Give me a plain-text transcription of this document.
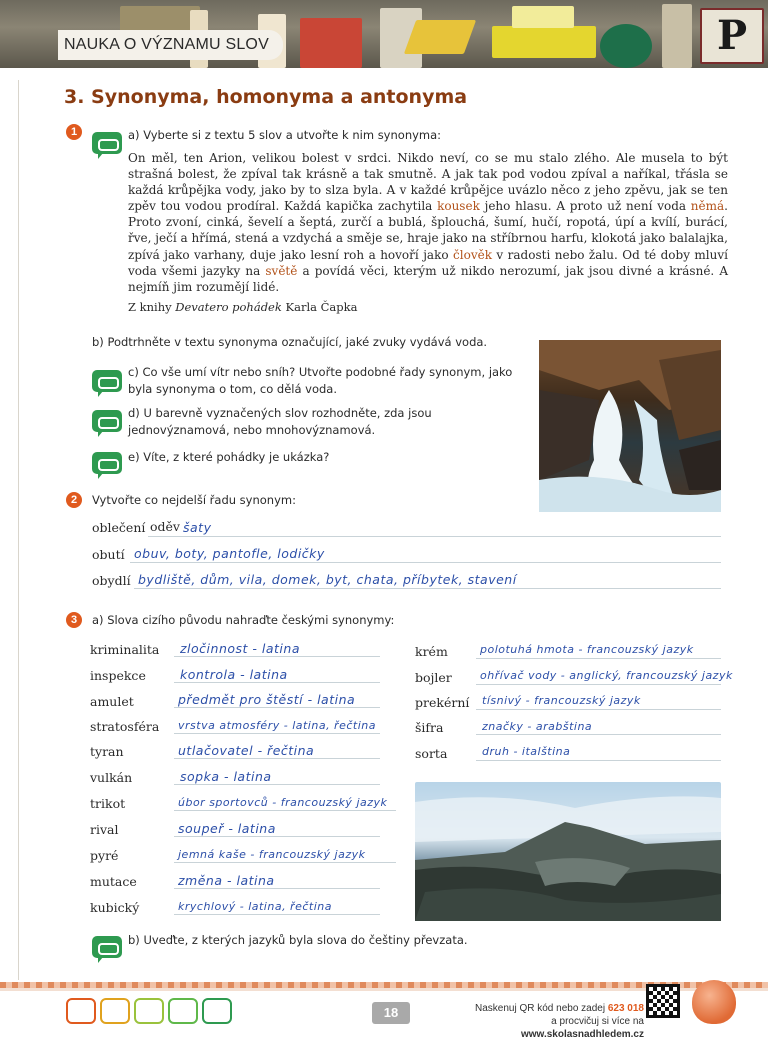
P
NAUKA O VÝZNAMU SLOV
3. Synonyma, homonyma a antonyma
1	a) Vyberte si z textu 5 slov a utvořte k nim synonyma:
On měl, ten Arion, velikou bolest v srdci. Nikdo neví, co se mu stalo zlého. Ale musela to být strašná bolest, že zpíval tak krásně a tak smutně. A jak tak pod vodou zpíval a naříkal, třásla se každá krůpějka vody, jako by to slza byla. A v každé krůpějce uvázlo něco z jeho zpěvu, jak se ten zpěv tou vodou prodíral. Každá kapička zachytila kousek jeho hlasu. A proto už není voda němá. Proto zvoní, cinká, ševelí a šeptá, zurčí a bublá, šplouchá, šumí, hučí, ropotá, úpí a kvílí, burácí, řve, ječí a hřímá, stená a vzdychá a směje se, hraje jako na stříbrnou harfu, klokotá jako balalajka, zpívá jako varhany, duje jako lesní roh a hovoří jako člověk v radosti nebo žalu. Od té doby mluví voda všemi jazyky na světě a povídá věci, kterým už nikdo nerozumí, jak jsou divné a krásné. A nejmíň jim rozumějí lidé.
Z knihy Devatero pohádek Karla Čapka
b) Podtrhněte v textu synonyma označující, jaké zvuky vydává voda.
c) Co vše umí vítr nebo sníh? Utvořte podobné řady synonym, jako byla synonyma o tom, co dělá voda.
d) U barevně vyznačených slov rozhodněte, zda jsou jednovýznamová, nebo mnohovýznamová.
e) Víte, z které pohádky je ukázka?
2	Vytvořte co nejdelší řadu synonym:
oblečení oděv šaty
obutí obuv, boty, pantofle, lodičky
obydlí bydliště, dům, vila, domek, byt, chata, příbytek, stavení
3	a) Slova cizího původu nahraďte českými synonymy:
kriminalita zločinnost - latina
inspekce	kontrola - latina
amulet	předmět pro štěstí - latina
stratosféra vrstva atmosféry - latina, řečtina
tyran	utlačovatel - řečtina
vulkán	sopka - latina
trikot	úbor sportovců - francouzský jazyk
rival	soupeř - latina
pyré	jemná kaše - francouzský jazyk
mutace	změna - latina
kubický	krychlový - latina, řečtina
krém	polotuhá hmota - francouzský jazyk
bojler	ohřívač vody - anglický, francouzský jazyk
prekérní tísnivý - francouzský jazyk
šifra	značky - arabština
sorta	druh - italština
b) Uveďte, z kterých jazyků byla slova do češtiny převzata.
18	Naskenuj QR kód nebo zadej 623 018
a procvičuj si více na www.skolasnadhledem.cz
